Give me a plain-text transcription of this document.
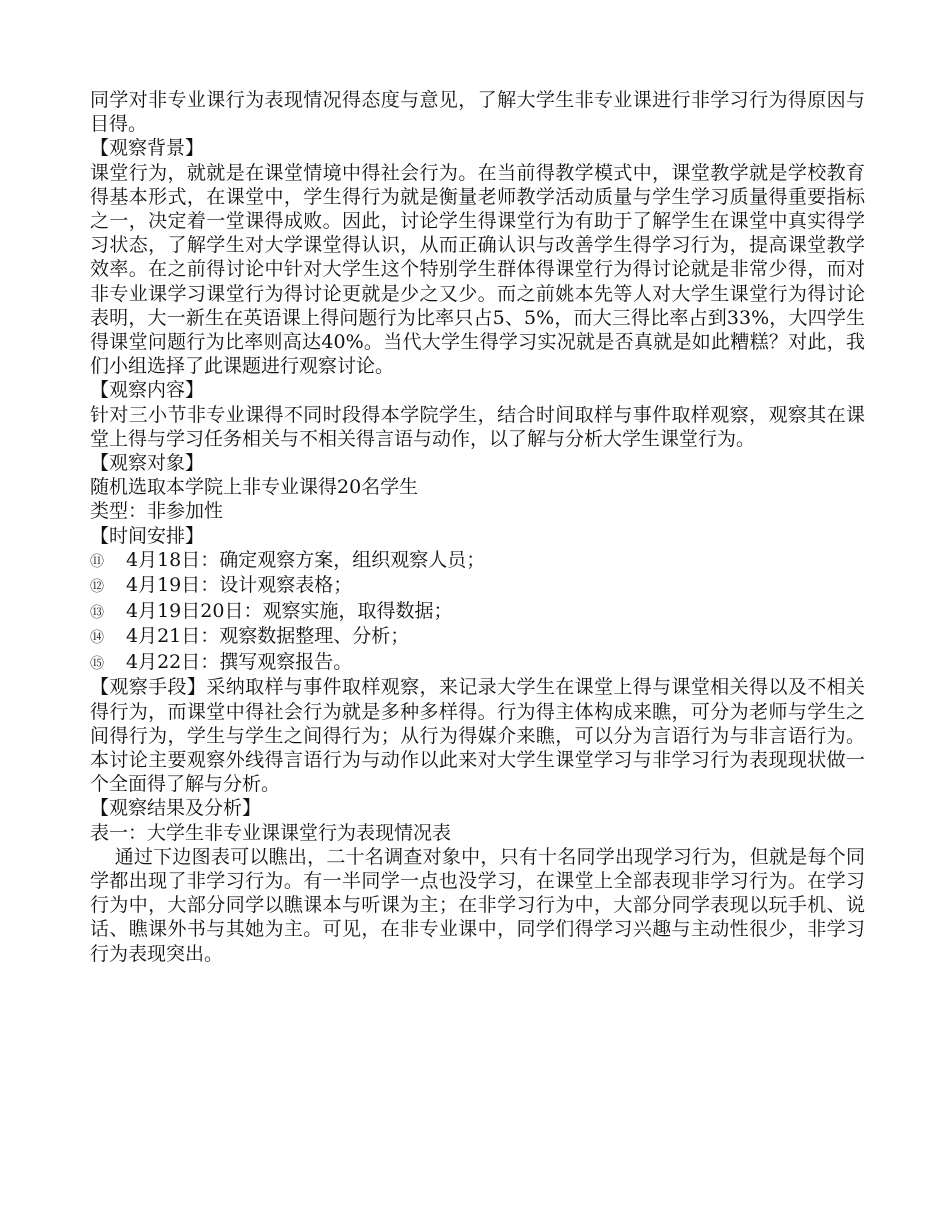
同学对非专业课行为表现情况得态度与意见，了解大学生非专业课进行非学习行为得原因与目得。

【观察背景】

课堂行为，就就是在课堂情境中得社会行为。在当前得教学模式中，课堂教学就是学校教育得基本形式，在课堂中，学生得行为就是衡量老师教学活动质量与学生学习质量得重要指标之一，决定着一堂课得成败。因此，讨论学生得课堂行为有助于了解学生在课堂中真实得学习状态，了解学生对大学课堂得认识，从而正确认识与改善学生得学习行为，提高课堂教学效率。在之前得讨论中针对大学生这个特别学生群体得课堂行为得讨论就是非常少得，而对非专业课学习课堂行为得讨论更就是少之又少。而之前姚本先等人对大学生课堂行为得讨论表明，大一新生在英语课上得问题行为比率只占5、5%，而大三得比率占到33%，大四学生得课堂问题行为比率则高达40%。当代大学生得学习实况就是否真就是如此糟糕？对此，我们小组选择了此课题进行观察讨论。

【观察内容】

针对三小节非专业课得不同时段得本学院学生，结合时间取样与事件取样观察，观察其在课堂上得与学习任务相关与不相关得言语与动作，以了解与分析大学生课堂行为。

【观察对象】

随机选取本学院上非专业课得20名学生

类型：非参加性

【时间安排】

⑪	4月18日：确定观察方案，组织观察人员；
⑫	4月19日：设计观察表格；
⑬	4月19日20日：观察实施，取得数据；
⑭	4月21日：观察数据整理、分析；
⑮	4月22日：撰写观察报告。

【观察手段】采纳取样与事件取样观察，来记录大学生在课堂上得与课堂相关得以及不相关得行为，而课堂中得社会行为就是多种多样得。行为得主体构成来瞧，可分为老师与学生之间得行为，学生与学生之间得行为；从行为得媒介来瞧，可以分为言语行为与非言语行为。本讨论主要观察外线得言语行为与动作以此来对大学生课堂学习与非学习行为表现现状做一个全面得了解与分析。

【观察结果及分析】

表一：大学生非专业课课堂行为表现情况表

通过下边图表可以瞧出，二十名调查对象中，只有十名同学出现学习行为，但就是每个同学都出现了非学习行为。有一半同学一点也没学习，在课堂上全部表现非学习行为。在学习行为中，大部分同学以瞧课本与听课为主；在非学习行为中，大部分同学表现以玩手机、说话、瞧课外书与其她为主。可见，在非专业课中，同学们得学习兴趣与主动性很少，非学习行为表现突出。
